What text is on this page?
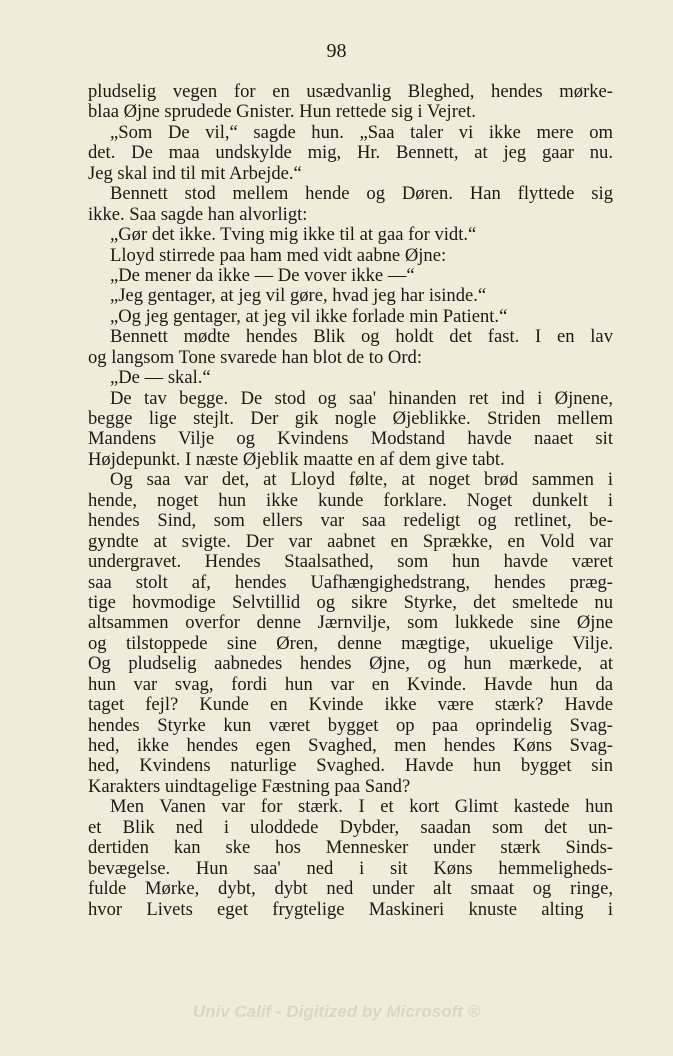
98
pludselig vegen for en usædvanlig Bleghed, hendes mørke-
blaa Øjne sprudede Gnister. Hun rettede sig i Vejret.
„Som De vil,“ sagde hun. „Saa taler vi ikke mere om
det. De maa undskylde mig, Hr. Bennett, at jeg gaar nu.
Jeg skal ind til mit Arbejde.“
Bennett stod mellem hende og Døren. Han flyttede sig
ikke. Saa sagde han alvorligt:
„Gør det ikke. Tving mig ikke til at gaa for vidt.“
Lloyd stirrede paa ham med vidt aabne Øjne:
„De mener da ikke — De vover ikke —“
„Jeg gentager, at jeg vil gøre, hvad jeg har isinde.“
„Og jeg gentager, at jeg vil ikke forlade min Patient.“
Bennett mødte hendes Blik og holdt det fast. I en lav
og langsom Tone svarede han blot de to Ord:
„De — skal.“
De tav begge. De stod og saa' hinanden ret ind i Øjnene,
begge lige stejlt. Der gik nogle Øjeblikke. Striden mellem
Mandens Vilje og Kvindens Modstand havde naaet sit
Højdepunkt. I næste Øjeblik maatte en af dem give tabt.
Og saa var det, at Lloyd følte, at noget brød sammen i
hende, noget hun ikke kunde forklare. Noget dunkelt i
hendes Sind, som ellers var saa redeligt og retlinet, be-
gyndte at svigte. Der var aabnet en Sprække, en Vold var
undergravet. Hendes Staalsathed, som hun havde været
saa stolt af, hendes Uafhængighedstrang, hendes præg-
tige hovmodige Selvtillid og sikre Styrke, det smeltede nu
altsammen overfor denne Jærnvilje, som lukkede sine Øjne
og tilstoppede sine Øren, denne mægtige, ukuelige Vilje.
Og pludselig aabnedes hendes Øjne, og hun mærkede, at
hun var svag, fordi hun var en Kvinde. Havde hun da
taget fejl? Kunde en Kvinde ikke være stærk? Havde
hendes Styrke kun været bygget op paa oprindelig Svag-
hed, ikke hendes egen Svaghed, men hendes Køns Svag-
hed, Kvindens naturlige Svaghed. Havde hun bygget sin
Karakters uindtagelige Fæstning paa Sand?
Men Vanen var for stærk. I et kort Glimt kastede hun
et Blik ned i uloddede Dybder, saadan som det un-
dertiden kan ske hos Mennesker under stærk Sinds-
bevægelse. Hun saa' ned i sit Køns hemmeligheds-
fulde Mørke, dybt, dybt ned under alt smaat og ringe,
hvor Livets eget frygtelige Maskineri knuste alting i
Univ Calif - Digitized by Microsoft ®
